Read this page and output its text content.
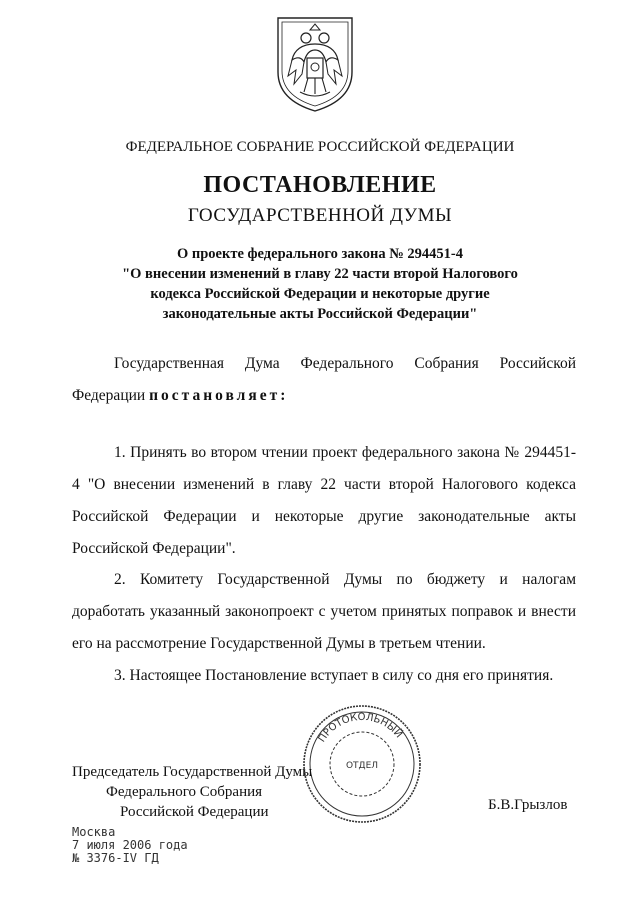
ФЕДЕРАЛЬНОЕ СОБРАНИЕ РОССИЙСКОЙ ФЕДЕРАЦИИ
ПОСТАНОВЛЕНИЕ
ГОСУДАРСТВЕННОЙ ДУМЫ
О проекте федерального закона № 294451-4
"О внесении изменений в главу 22 части второй Налогового
кодекса Российской Федерации и некоторые другие
законодательные акты Российской Федерации"
Государственная Дума Федерального Собрания Российской Федерации постановляет:
1. Принять во втором чтении проект федерального закона № 294451-4 "О внесении изменений в главу 22 части второй Налогового кодекса Российской Федерации и некоторые другие законодательные акты Российской Федерации".
2. Комитету Государственной Думы по бюджету и налогам доработать указанный законопроект с учетом принятых поправок и внести его на рассмотрение Государственной Думы в третьем чтении.
3. Настоящее Постановление вступает в силу со дня его принятия.
ПРОТОКОЛЬНЫЙ
ОТДЕЛ
Председатель Государственной Думы
Федерального Собрания
Российской Федерации	Б.В.Грызлов
Москва
7 июля 2006 года
№ 3376-IV ГД
